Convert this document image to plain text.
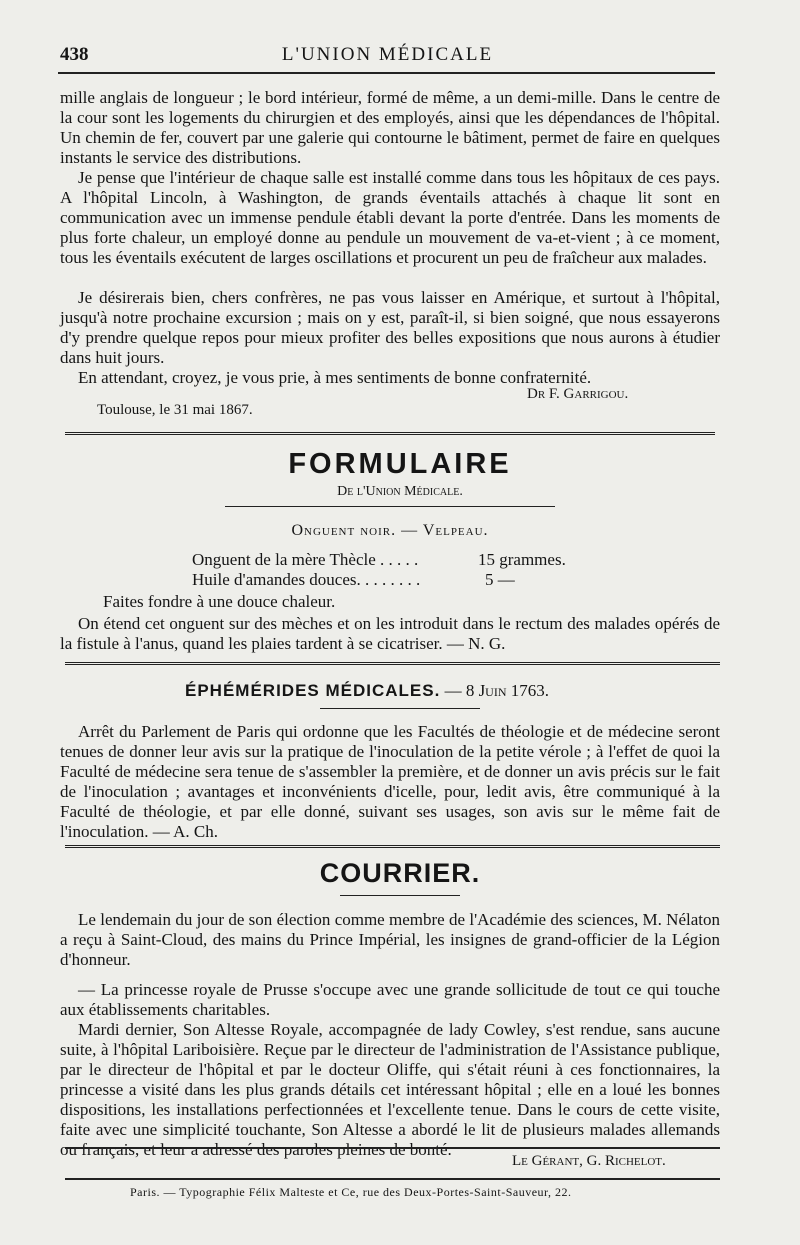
438	L'UNION MÉDICALE

mille anglais de longueur ; le bord intérieur, formé de même, a un demi-mille. Dans le centre de la cour sont les logements du chirurgien et des employés, ainsi que les dépendances de l'hôpital. Un chemin de fer, couvert par une galerie qui contourne le bâtiment, permet de faire en quelques instants le service des distributions.

Je pense que l'intérieur de chaque salle est installé comme dans tous les hôpitaux de ces pays. A l'hôpital Lincoln, à Washington, de grands éventails attachés à chaque lit sont en communication avec un immense pendule établi devant la porte d'entrée. Dans les moments de plus forte chaleur, un employé donne au pendule un mouvement de va-et-vient ; à ce moment, tous les éventails exécutent de larges oscillations et procurent un peu de fraîcheur aux malades.

Je désirerais bien, chers confrères, ne pas vous laisser en Amérique, et surtout à l'hôpital, jusqu'à notre prochaine excursion ; mais on y est, paraît-il, si bien soigné, que nous essayerons d'y prendre quelque repos pour mieux profiter des belles expositions que nous aurons à étudier dans huit jours.

En attendant, croyez, je vous prie, à mes sentiments de bonne confraternité.

Dr F. Garrigou.
Toulouse, le 31 mai 1867.
FORMULAIRE
De l'Union Médicale.
Onguent noir. — Velpeau.
Onguent de la mère Thècle . . . . .	15 grammes.
Huile d'amandes douces. . . . . . . .	5 —
Faites fondre à une douce chaleur.

On étend cet onguent sur des mèches et on les introduit dans le rectum des malades opérés de la fistule à l'anus, quand les plaies tardent à se cicatriser. — N. G.

ÉPHÉMÉRIDES MÉDICALES. — 8 Juin 1763.

Arrêt du Parlement de Paris qui ordonne que les Facultés de théologie et de médecine seront tenues de donner leur avis sur la pratique de l'inoculation de la petite vérole ; à l'effet de quoi la Faculté de médecine sera tenue de s'assembler la première, et de donner un avis précis sur le fait de l'inoculation ; avantages et inconvénients d'icelle, pour, ledit avis, être communiqué à la Faculté de théologie, et par elle donné, suivant ses usages, son avis sur le même fait de l'inoculation. — A. Ch.

COURRIER.

Le lendemain du jour de son élection comme membre de l'Académie des sciences, M. Nélaton a reçu à Saint-Cloud, des mains du Prince Impérial, les insignes de grand-officier de la Légion d'honneur.

— La princesse royale de Prusse s'occupe avec une grande sollicitude de tout ce qui touche aux établissements charitables.

Mardi dernier, Son Altesse Royale, accompagnée de lady Cowley, s'est rendue, sans aucune suite, à l'hôpital Lariboisière. Reçue par le directeur de l'administration de l'Assistance publique, par le directeur de l'hôpital et par le docteur Oliffe, qui s'était réuni à ces fonctionnaires, la princesse a visité dans les plus grands détails cet intéressant hôpital ; elle en a loué les bonnes dispositions, les installations perfectionnées et l'excellente tenue. Dans le cours de cette visite, faite avec une simplicité touchante, Son Altesse a abordé le lit de plusieurs malades allemands ou français, et leur a adressé des paroles pleines de bonté.

Le Gérant, G. Richelot.
Paris. — Typographie Félix Malteste et Ce, rue des Deux-Portes-Saint-Sauveur, 22.
